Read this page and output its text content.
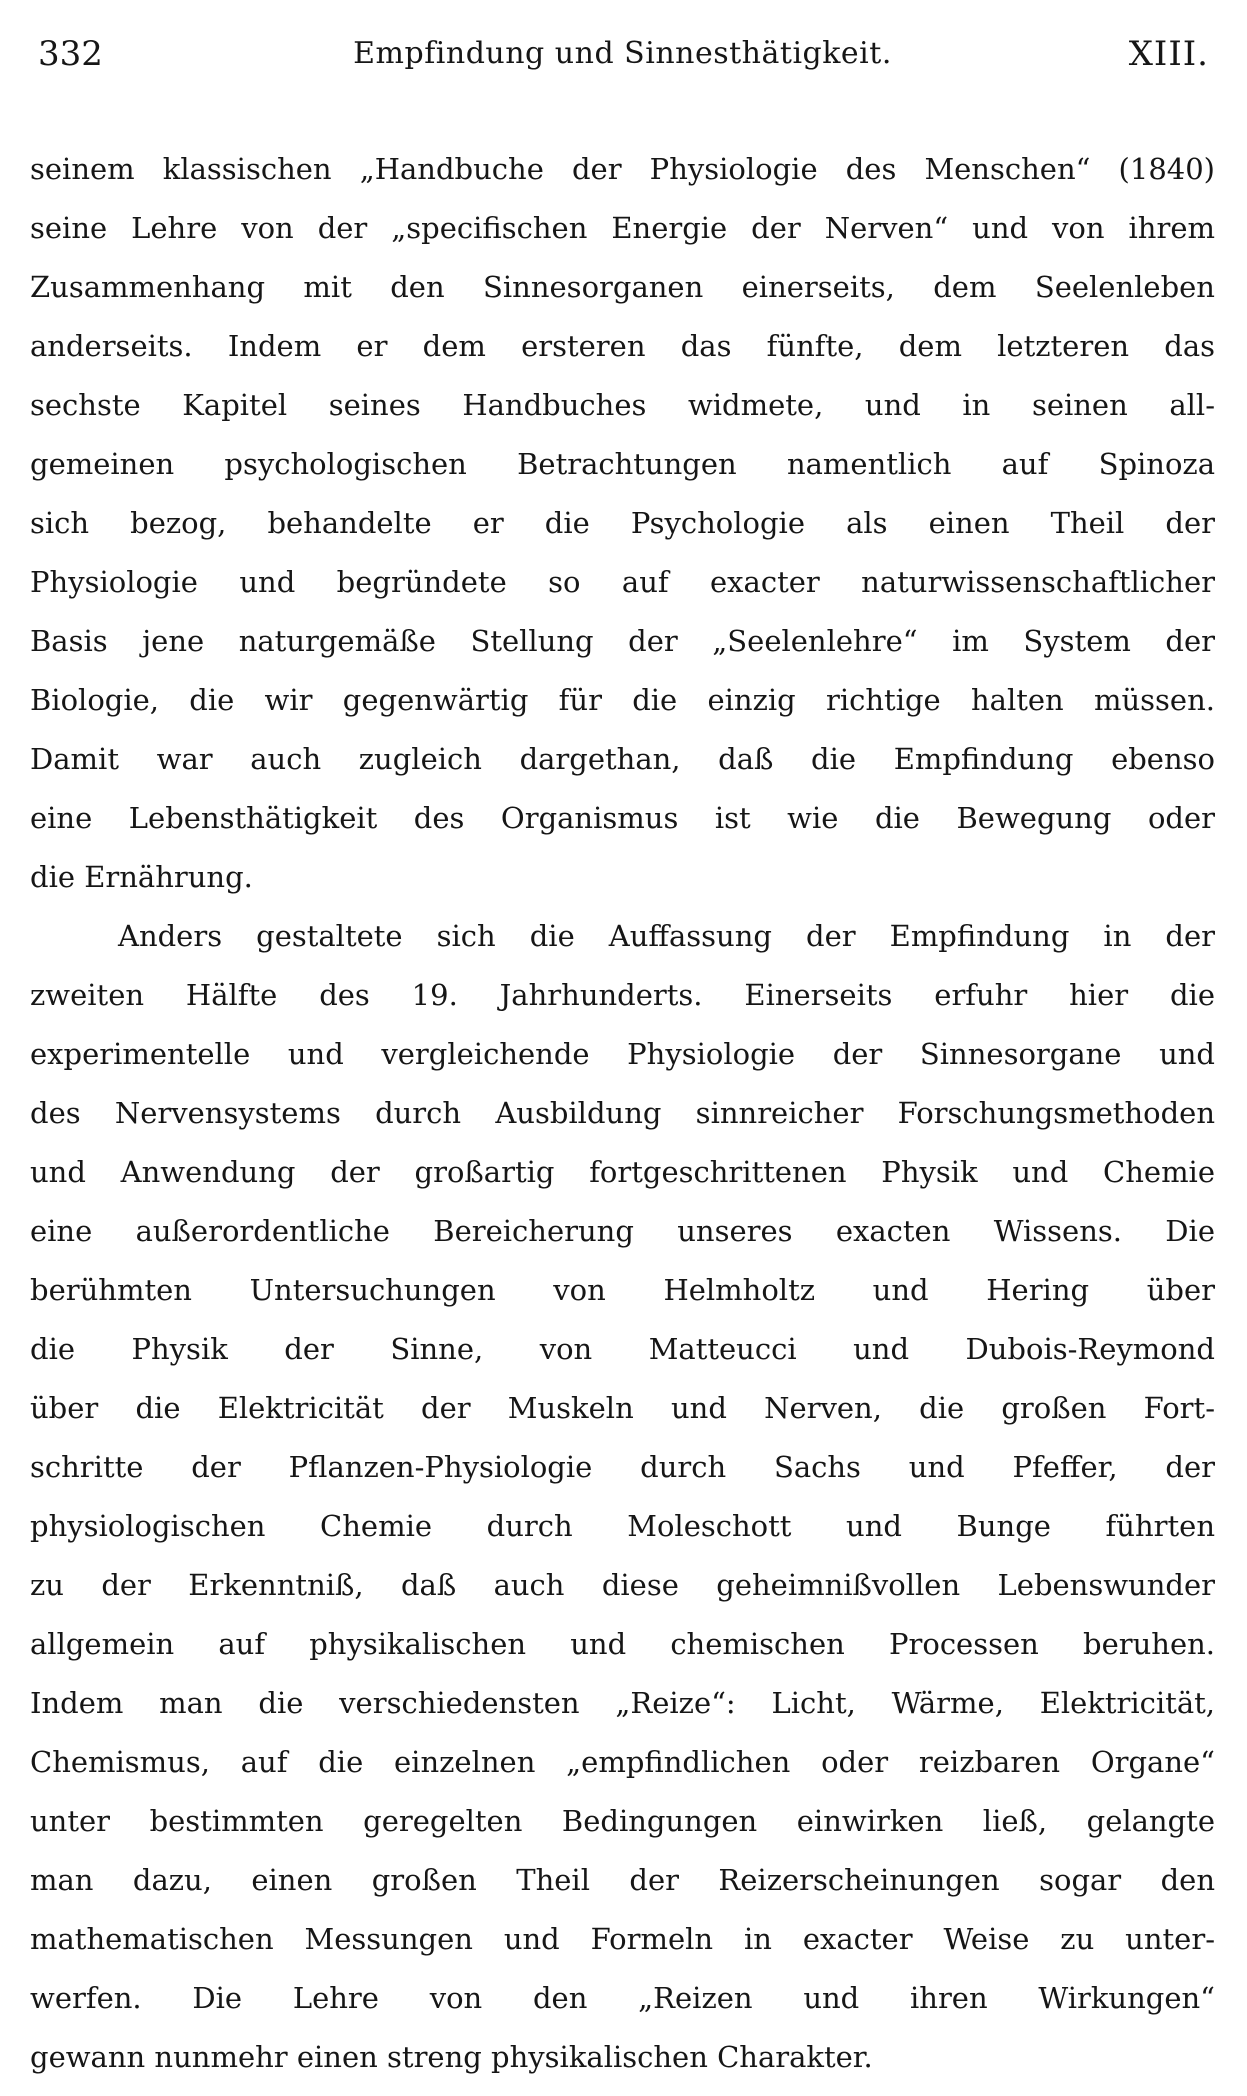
332	Empfindung und Sinnesthätigkeit.	XIII.
seinem klassischen „Handbuche der Physiologie des Menschen“ (1840)
seine Lehre von der „specifischen Energie der Nerven“ und von ihrem
Zusammenhang mit den Sinnesorganen einerseits, dem Seelenleben
anderseits. Indem er dem ersteren das fünfte, dem letzteren das
sechste Kapitel seines Handbuches widmete, und in seinen all-
gemeinen psychologischen Betrachtungen namentlich auf Spinoza
sich bezog, behandelte er die Psychologie als einen Theil der
Physiologie und begründete so auf exacter naturwissenschaftlicher
Basis jene naturgemäße Stellung der „Seelenlehre“ im System der
Biologie, die wir gegenwärtig für die einzig richtige halten müssen.
Damit war auch zugleich dargethan, daß die Empfindung ebenso
eine Lebensthätigkeit des Organismus ist wie die Bewegung oder
die Ernährung.
Anders gestaltete sich die Auffassung der Empfindung in der
zweiten Hälfte des 19. Jahrhunderts. Einerseits erfuhr hier die
experimentelle und vergleichende Physiologie der Sinnesorgane und
des Nervensystems durch Ausbildung sinnreicher Forschungsmethoden
und Anwendung der großartig fortgeschrittenen Physik und Chemie
eine außerordentliche Bereicherung unseres exacten Wissens. Die
berühmten Untersuchungen von Helmholtz und Hering über
die Physik der Sinne, von Matteucci und Dubois-Reymond
über die Elektricität der Muskeln und Nerven, die großen Fort-
schritte der Pflanzen-Physiologie durch Sachs und Pfeffer, der
physiologischen Chemie durch Moleschott und Bunge führten
zu der Erkenntniß, daß auch diese geheimnißvollen Lebenswunder
allgemein auf physikalischen und chemischen Processen beruhen.
Indem man die verschiedensten „Reize“: Licht, Wärme, Elektricität,
Chemismus, auf die einzelnen „empfindlichen oder reizbaren Organe“
unter bestimmten geregelten Bedingungen einwirken ließ, gelangte
man dazu, einen großen Theil der Reizerscheinungen sogar den
mathematischen Messungen und Formeln in exacter Weise zu unter-
werfen. Die Lehre von den „Reizen und ihren Wirkungen“
gewann nunmehr einen streng physikalischen Charakter.
